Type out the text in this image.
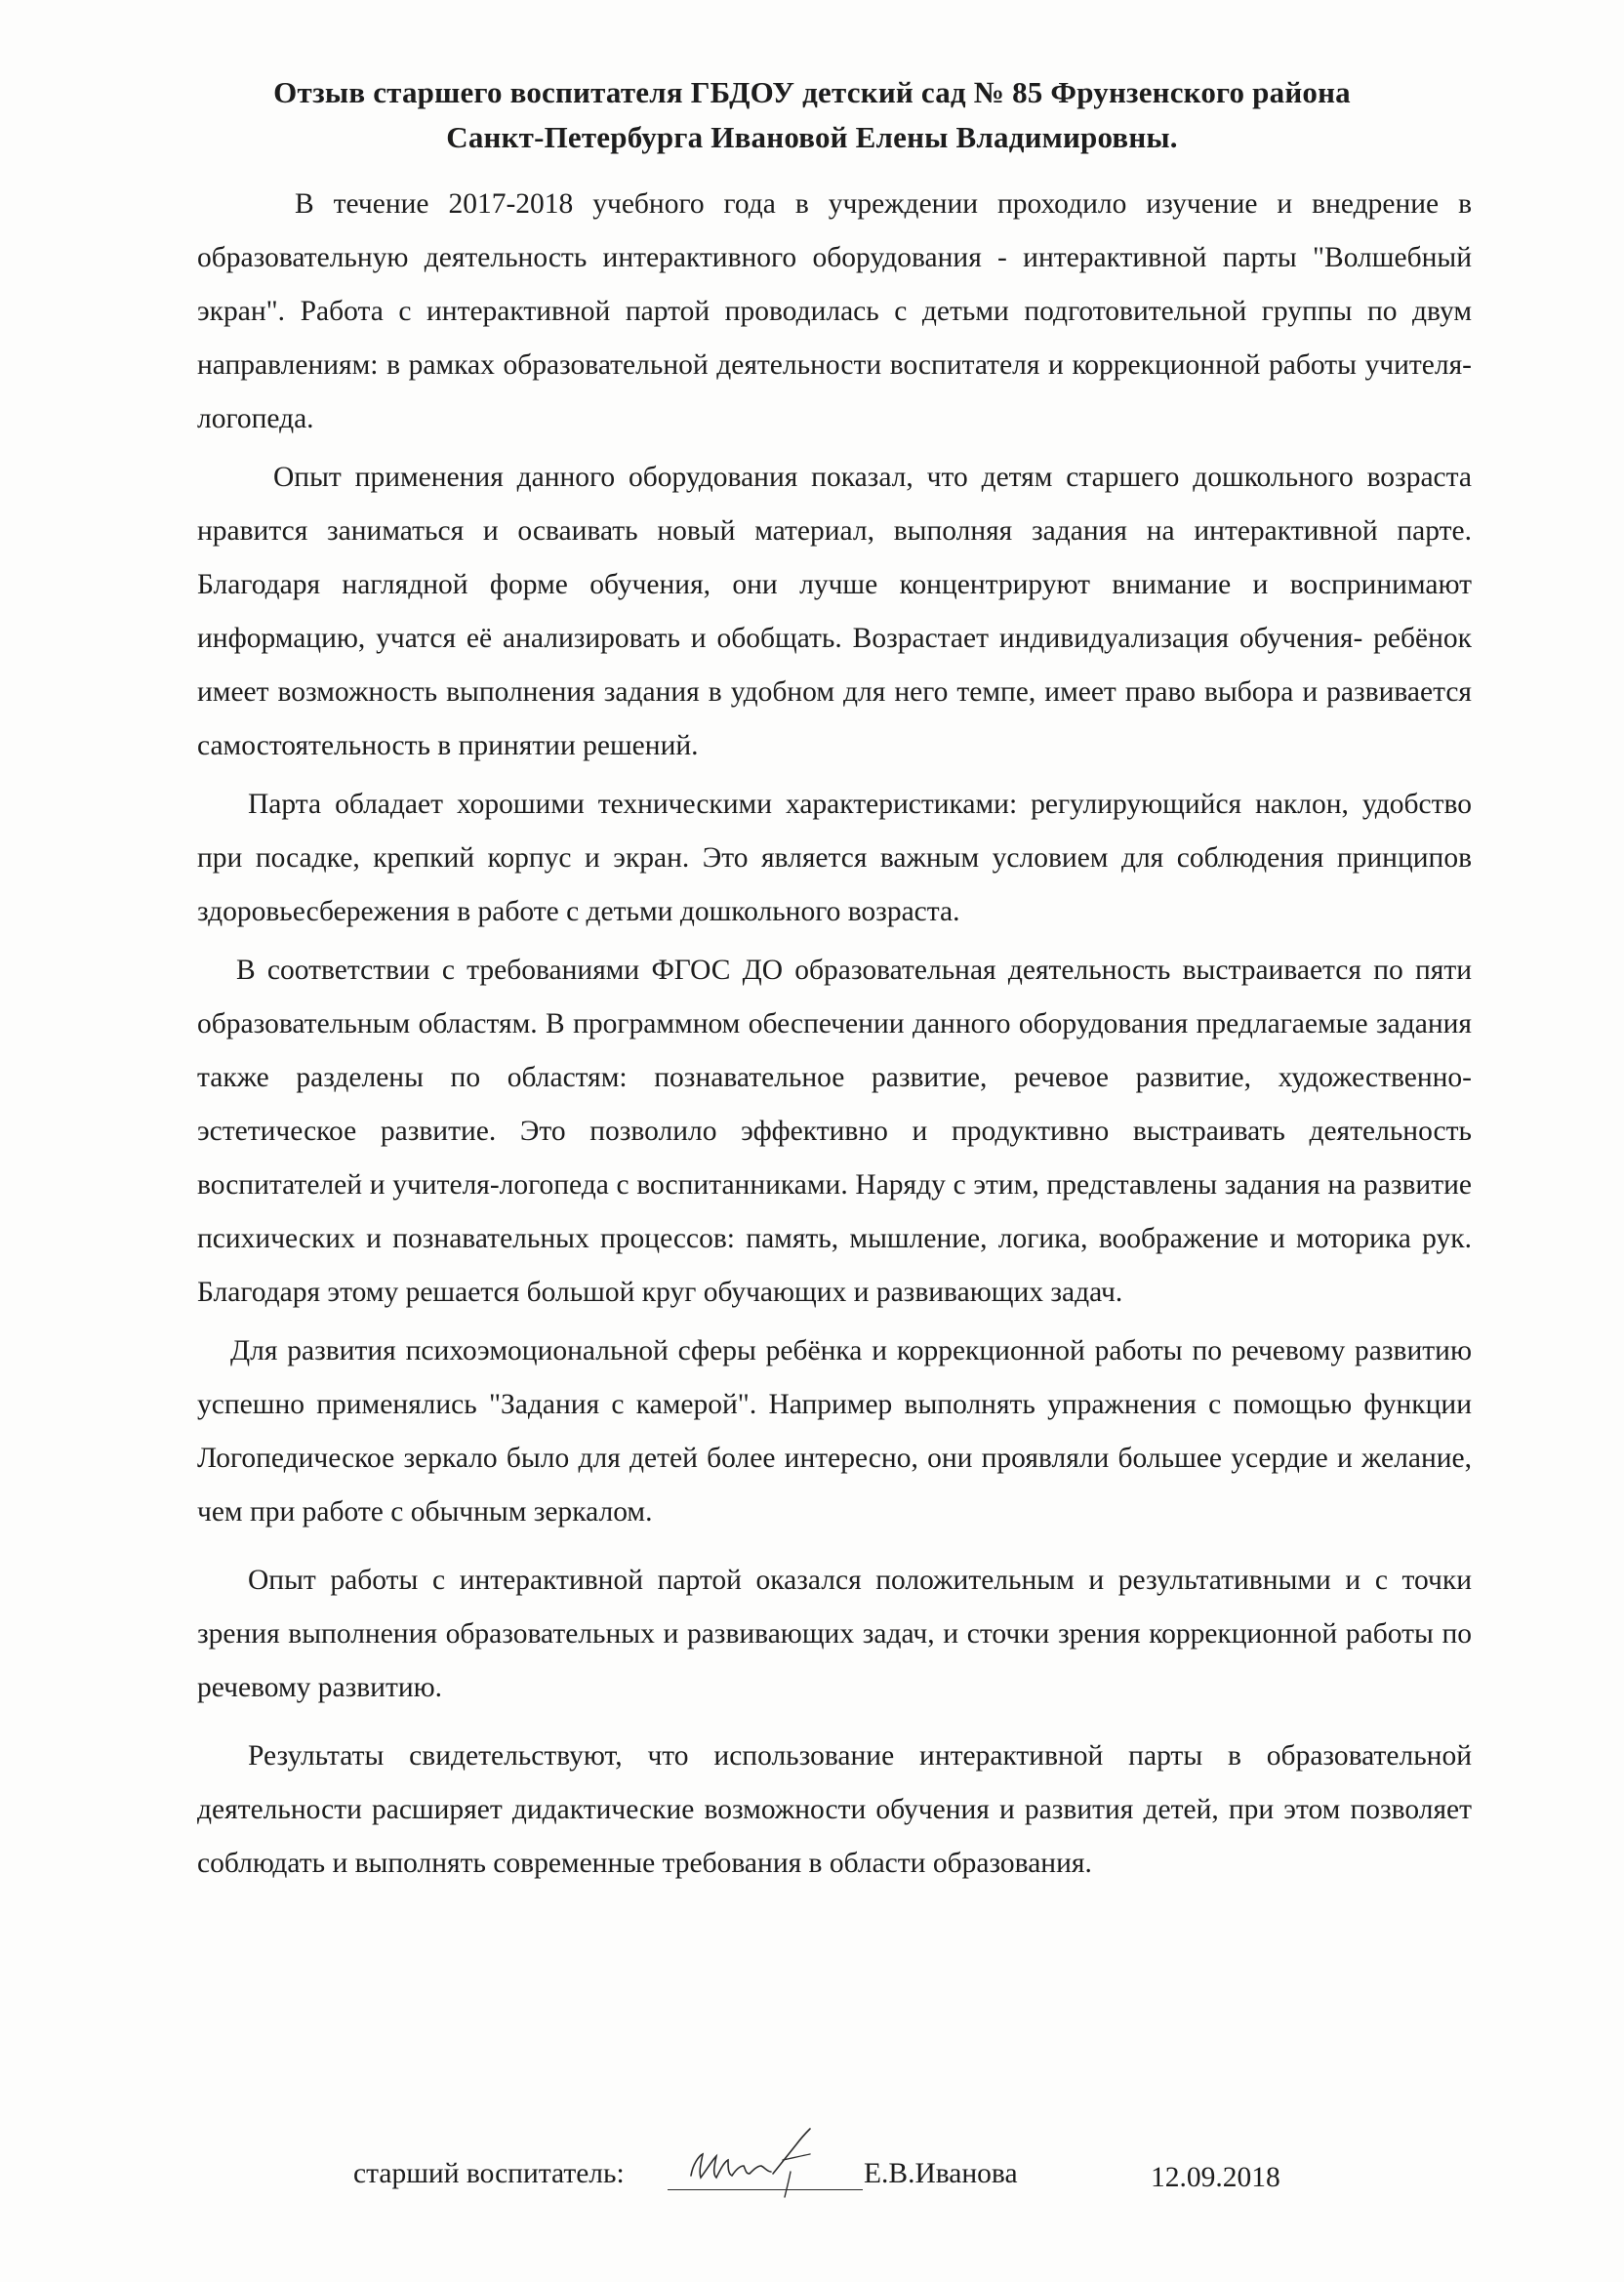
Отзыв старшего воспитателя ГБДОУ детский сад № 85 Фрунзенского района
Санкт-Петербурга Ивановой Елены Владимировны.

В течение 2017-2018 учебного года в учреждении проходило изучение и внедрение в образовательную деятельность интерактивного оборудования - интерактивной парты "Волшебный экран". Работа с интерактивной партой проводилась с детьми подготовительной группы по двум направлениям: в рамках образовательной деятельности воспитателя и коррекционной работы учителя-логопеда.

Опыт применения данного оборудования показал, что детям старшего дошкольного возраста нравится заниматься и осваивать новый материал, выполняя задания на интерактивной парте. Благодаря наглядной форме обучения, они лучше концентрируют внимание и воспринимают информацию, учатся её анализировать и обобщать. Возрастает индивидуализация обучения- ребёнок имеет возможность выполнения задания в удобном для него темпе, имеет право выбора и развивается самостоятельность в принятии решений.

Парта обладает хорошими техническими характеристиками: регулирующийся наклон, удобство при посадке, крепкий корпус и экран. Это является важным условием для соблюдения принципов здоровьесбережения в работе с детьми дошкольного возраста.

В соответствии с требованиями ФГОС ДО образовательная деятельность выстраивается по пяти образовательным областям. В программном обеспечении данного оборудования предлагаемые задания также разделены по областям: познавательное развитие, речевое развитие, художественно-эстетическое развитие. Это позволило эффективно и продуктивно выстраивать деятельность воспитателей и учителя-логопеда с воспитанниками. Наряду с этим, представлены задания на развитие психических и познавательных процессов: память, мышление, логика, воображение и моторика рук. Благодаря этому решается большой круг обучающих и развивающих задач.

Для развития психоэмоциональной сферы ребёнка и коррекционной работы по речевому развитию успешно применялись "Задания с камерой". Например выполнять упражнения с помощью функции Логопедическое зеркало было для детей более интересно, они проявляли большее усердие и желание, чем при работе с обычным зеркалом.

Опыт работы с интерактивной партой оказался положительным и результативными и с точки зрения выполнения образовательных и развивающих задач, и сточки зрения коррекционной работы по речевому развитию.

Результаты свидетельствуют, что использование интерактивной парты в образовательной деятельности расширяет дидактические возможности обучения и развития детей, при этом позволяет соблюдать и выполнять современные требования в области образования.

старший воспитатель:	Е.В.Иванова	12.09.2018
